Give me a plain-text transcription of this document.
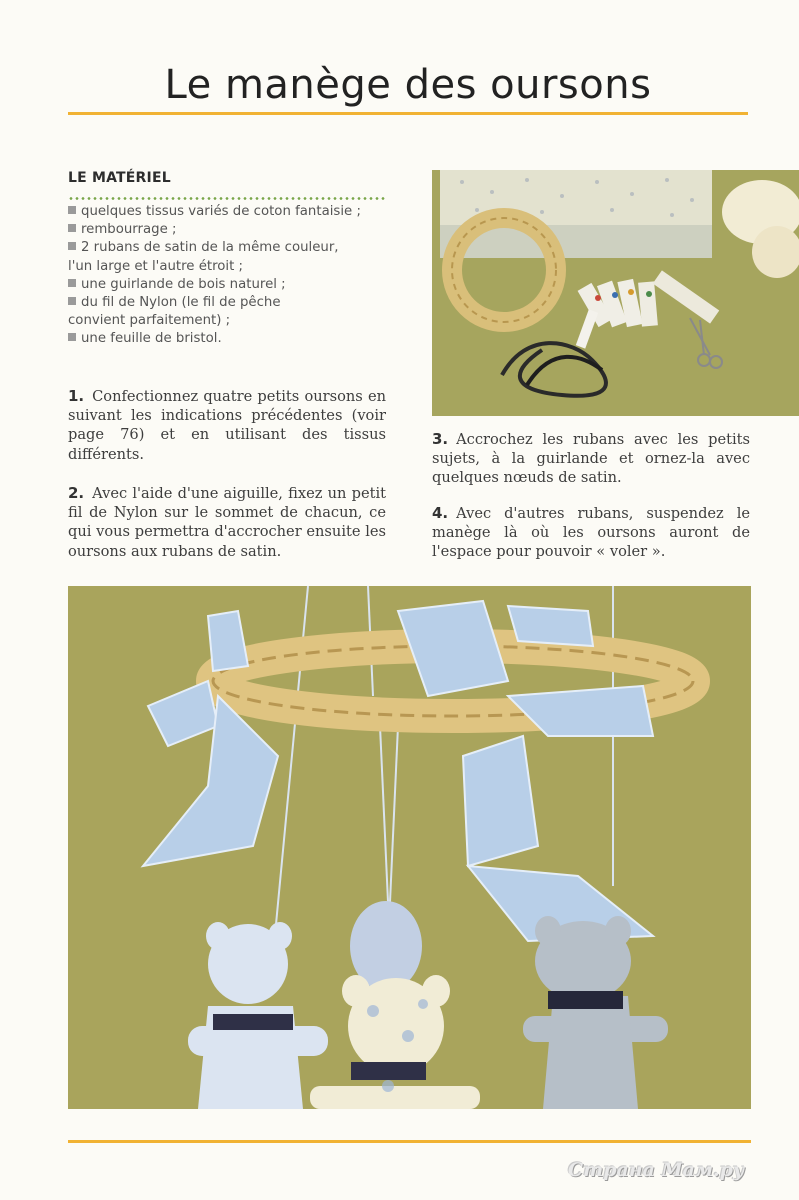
Le manège des oursons
LE MATÉRIEL
quelques tissus variés de coton fantaisie ;
rembourrage ;
2 rubans de satin de la même couleur,
l'un large et l'autre étroit ;
une guirlande de bois naturel ;
du fil de Nylon (le fil de pêche
convient parfaitement) ;
une feuille de bristol.

1. Confectionnez quatre petits oursons en suivant les indications précédentes (voir page 76) et en utilisant des tissus différents.

2. Avec l'aide d'une aiguille, fixez un petit fil de Nylon sur le sommet de chacun, ce qui vous permettra d'accrocher ensuite les oursons aux rubans de satin.

3. Accrochez les rubans avec les petits sujets, à la guirlande et ornez-la avec quelques nœuds de satin.

4. Avec d'autres rubans, suspendez le manège là où les oursons auront de l'espace pour pouvoir « voler ».

Страна Мам.ру
